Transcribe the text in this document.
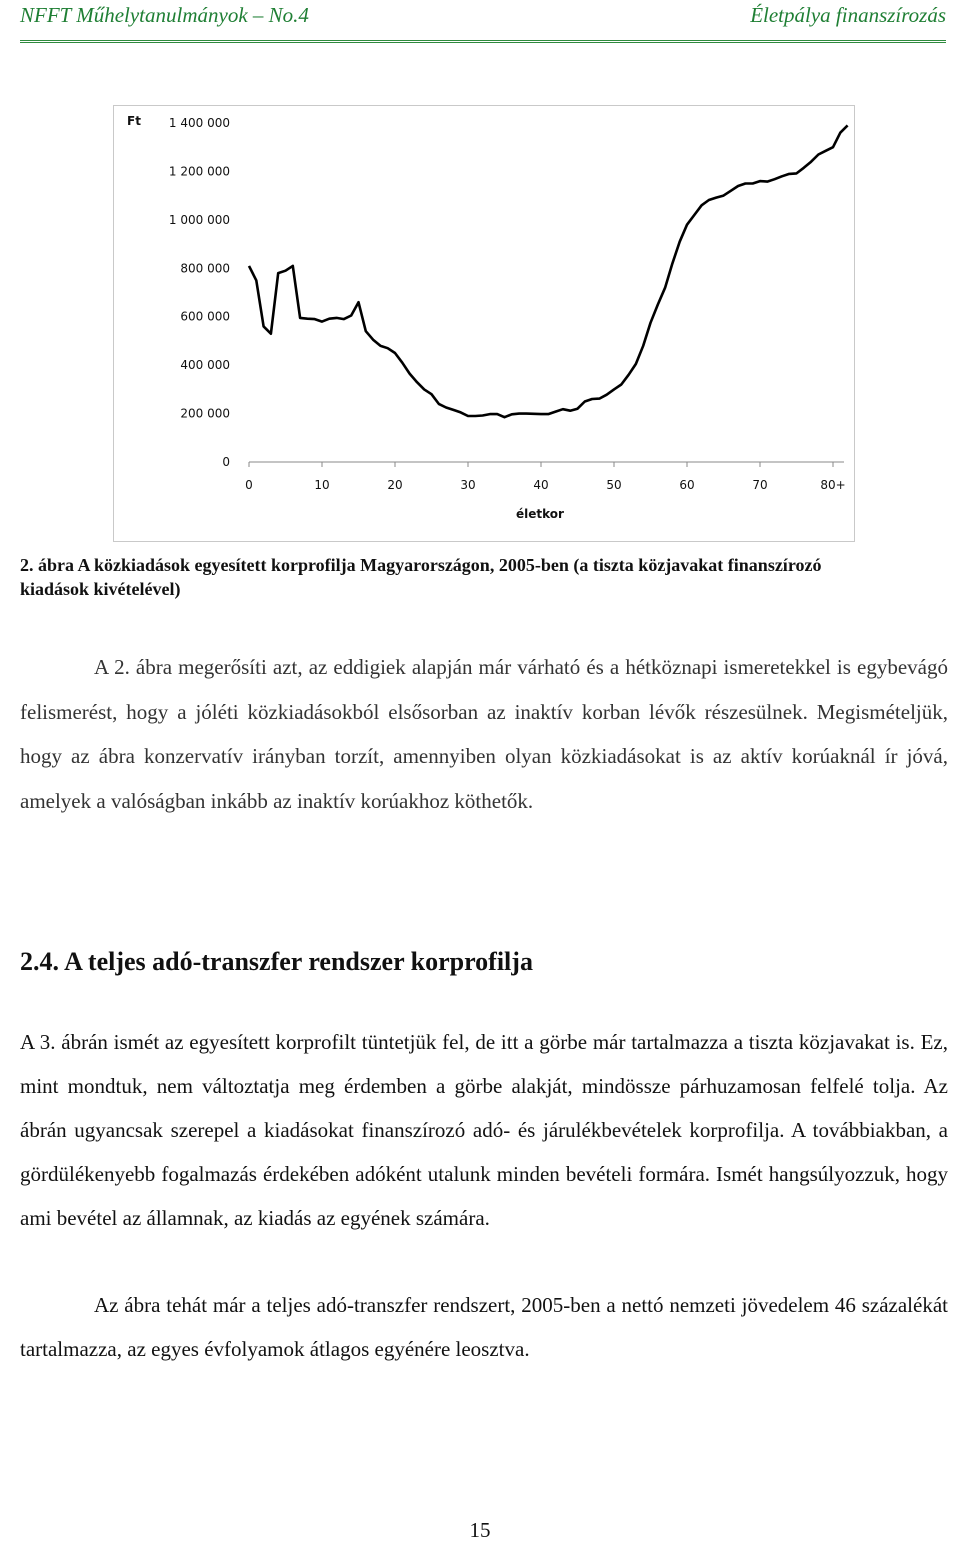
NFFT Műhelytanulmányok – No.4	Életpálya finanszírozás
Ft
életkor
1 400 000
1 200 000
1 000 000
800 000
600 000
400 000
200 000
0
0	10	20	30	40	50	60	70	80+
2. ábra A közkiadások egyesített korprofilja Magyarországon, 2005-ben (a tiszta közjavakat finanszírozó kiadások kivételével)
A 2. ábra megerősíti azt, az eddigiek alapján már várható és a hétköznapi ismeretekkel is egybevágó felismerést, hogy a jóléti közkiadásokból elsősorban az inaktív korban lévők részesülnek. Megismételjük, hogy az ábra konzervatív irányban torzít, amennyiben olyan közkiadásokat is az aktív korúaknál ír jóvá, amelyek a valóságban inkább az inaktív korúakhoz köthetők.
2.4. A teljes adó-transzfer rendszer korprofilja
A 3. ábrán ismét az egyesített korprofilt tüntetjük fel, de itt a görbe már tartalmazza a tiszta közjavakat is. Ez, mint mondtuk, nem változtatja meg érdemben a görbe alakját, mindössze párhuzamosan felfelé tolja. Az ábrán ugyancsak szerepel a kiadásokat finanszírozó adó- és járulékbevételek korprofilja. A továbbiakban, a gördülékenyebb fogalmazás érdekében adóként utalunk minden bevételi formára. Ismét hangsúlyozzuk, hogy ami bevétel az államnak, az kiadás az egyének számára.
Az ábra tehát már a teljes adó-transzfer rendszert, 2005-ben a nettó nemzeti jövedelem 46 százalékát tartalmazza, az egyes évfolyamok átlagos egyénére leosztva.
15
